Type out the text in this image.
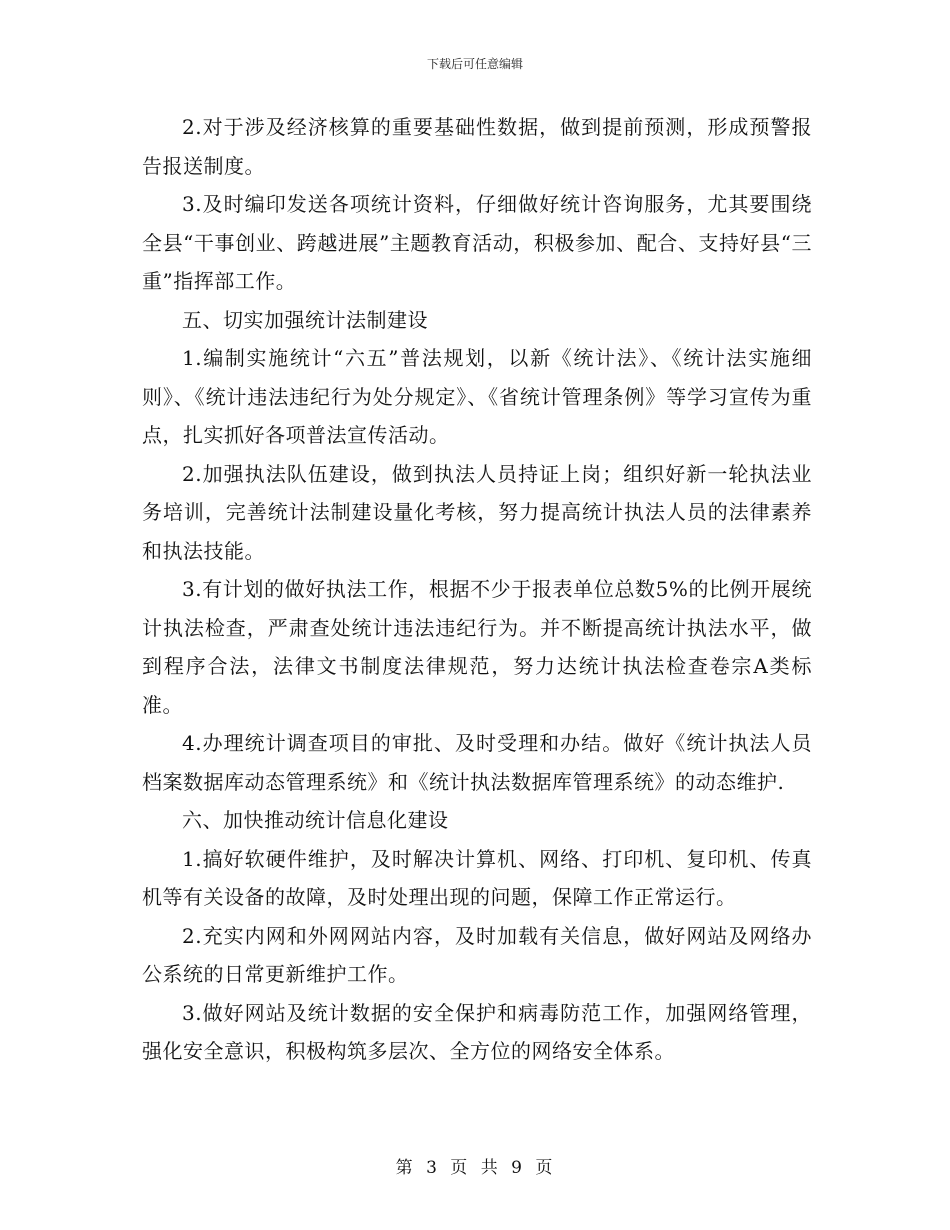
下载后可任意编辑

2.对于涉及经济核算的重要基础性数据，做到提前预测，形成预警报告报送制度。

3.及时编印发送各项统计资料，仔细做好统计咨询服务，尤其要围绕全县“干事创业、跨越进展”主题教育活动，积极参加、配合、支持好县“三重”指挥部工作。

五、切实加强统计法制建设

1.编制实施统计“六五”普法规划，以新《统计法》、《统计法实施细则》、《统计违法违纪行为处分规定》、《省统计管理条例》等学习宣传为重点，扎实抓好各项普法宣传活动。

2.加强执法队伍建设，做到执法人员持证上岗；组织好新一轮执法业务培训，完善统计法制建设量化考核，努力提高统计执法人员的法律素养和执法技能。

3.有计划的做好执法工作，根据不少于报表单位总数5%的比例开展统计执法检查，严肃查处统计违法违纪行为。并不断提高统计执法水平，做到程序合法，法律文书制度法律规范，努力达统计执法检查卷宗A类标准。

4.办理统计调查项目的审批、及时受理和办结。做好《统计执法人员档案数据库动态管理系统》和《统计执法数据库管理系统》的动态维护.

六、加快推动统计信息化建设

1.搞好软硬件维护，及时解决计算机、网络、打印机、复印机、传真机等有关设备的故障，及时处理出现的问题，保障工作正常运行。

2.充实内网和外网网站内容，及时加载有关信息，做好网站及网络办公系统的日常更新维护工作。

3.做好网站及统计数据的安全保护和病毒防范工作，加强网络管理，强化安全意识，积极构筑多层次、全方位的网络安全体系。

第 3 页 共 9 页
